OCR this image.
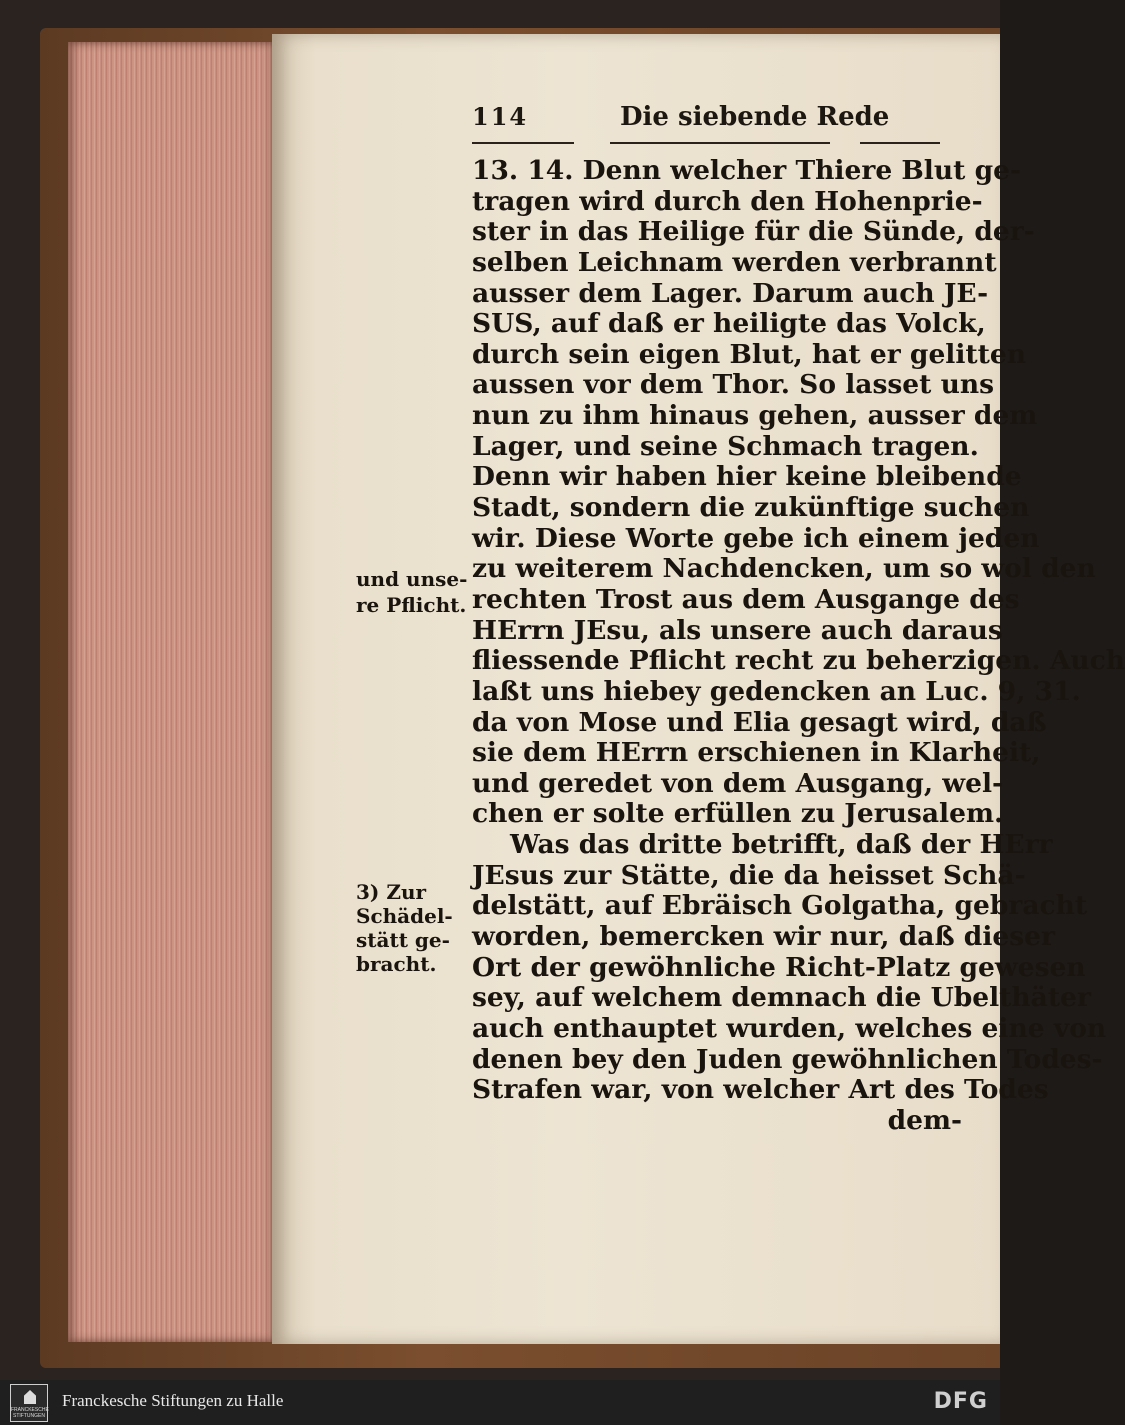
114	Die siebende Rede
13. 14. Denn welcher Thiere Blut ge-
tragen wird durch den Hohenprie-
ster in das Heilige für die Sünde, der-
selben Leichnam werden verbrannt
ausser dem Lager. Darum auch JE-
SUS, auf daß er heiligte das Volck,
durch sein eigen Blut, hat er gelitten
aussen vor dem Thor. So lasset uns
nun zu ihm hinaus gehen, ausser dem
Lager, und seine Schmach tragen.
Denn wir haben hier keine bleibende
Stadt, sondern die zukünftige suchen
wir. Diese Worte gebe ich einem jeden
zu weiterem Nachdencken, um so wol den
rechten Trost aus dem Ausgange des
HErrn JEsu, als unsere auch daraus
fliessende Pflicht recht zu beherzigen. Auch
laßt uns hiebey gedencken an Luc. 9, 31.
da von Mose und Elia gesagt wird, daß
sie dem HErrn erschienen in Klarheit,
und geredet von dem Ausgang, wel-
chen er solte erfüllen zu Jerusalem.
Was das dritte betrifft, daß der HErr
JEsus zur Stätte, die da heisset Schä-
delstätt, auf Ebräisch Golgatha, gebracht
worden, bemercken wir nur, daß dieser
Ort der gewöhnliche Richt-Platz gewesen
sey, auf welchem demnach die Ubelthäter
auch enthauptet wurden, welches eine von
denen bey den Juden gewöhnlichen Todes-
Strafen war, von welcher Art des Todes
dem-
und unse-
re Pflicht.
3) Zur
Schädel-
stätt ge-
bracht.
FRANCKESCHE STIFTUNGEN
Franckesche Stiftungen zu Halle	DFG
